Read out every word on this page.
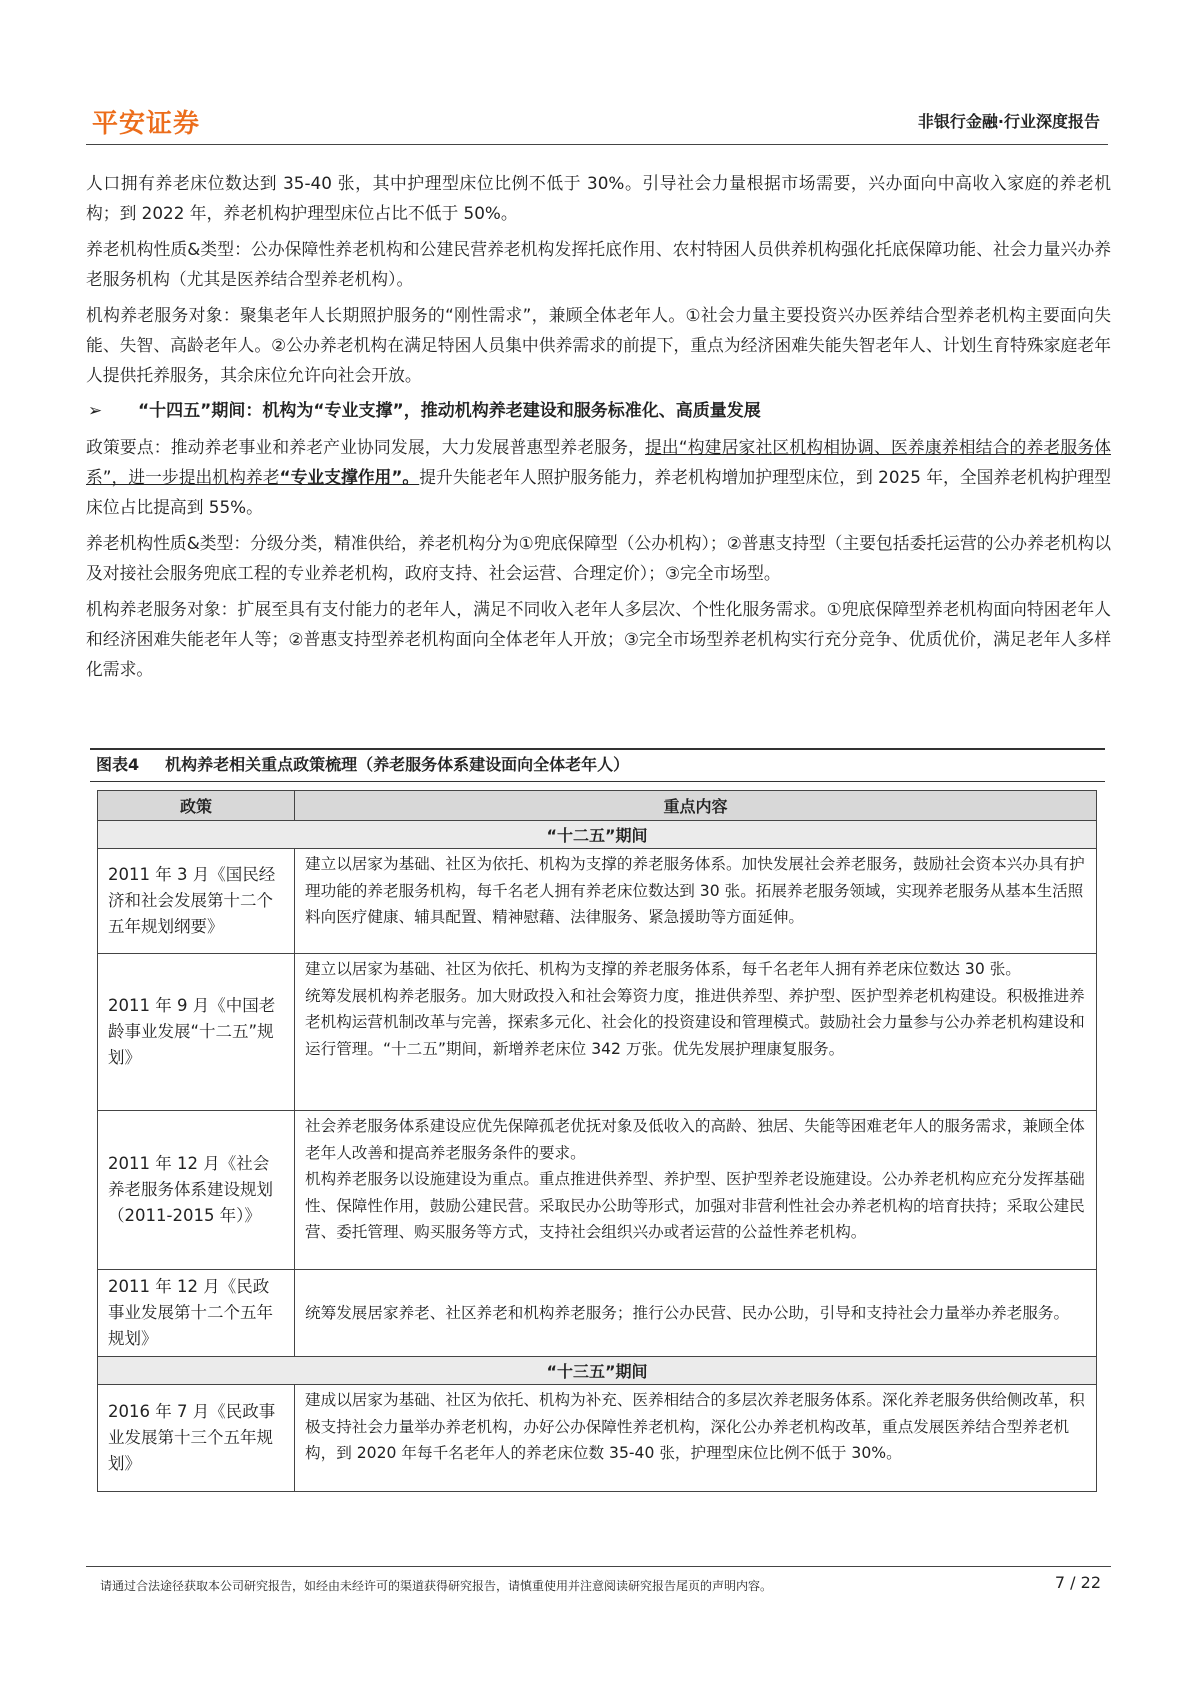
平安证券	非银行金融·行业深度报告

人口拥有养老床位数达到 35-40 张，其中护理型床位比例不低于 30%。引导社会力量根据市场需要，兴办面向中高收入家庭的养老机构；到 2022 年，养老机构护理型床位占比不低于 50%。

养老机构性质&类型：公办保障性养老机构和公建民营养老机构发挥托底作用、农村特困人员供养机构强化托底保障功能、社会力量兴办养老服务机构（尤其是医养结合型养老机构）。

机构养老服务对象：聚集老年人长期照护服务的“刚性需求”，兼顾全体老年人。①社会力量主要投资兴办医养结合型养老机构主要面向失能、失智、高龄老年人。②公办养老机构在满足特困人员集中供养需求的前提下，重点为经济困难失能失智老年人、计划生育特殊家庭老年人提供托养服务，其余床位允许向社会开放。

➢	“十四五”期间：机构为“专业支撑”，推动机构养老建设和服务标准化、高质量发展

政策要点：推动养老事业和养老产业协同发展，大力发展普惠型养老服务，提出“构建居家社区机构相协调、医养康养相结合的养老服务体系”，进一步提出机构养老“专业支撑作用”。提升失能老年人照护服务能力，养老机构增加护理型床位，到 2025 年，全国养老机构护理型床位占比提高到 55%。

养老机构性质&类型：分级分类，精准供给，养老机构分为①兜底保障型（公办机构）；②普惠支持型（主要包括委托运营的公办养老机构以及对接社会服务兜底工程的专业养老机构，政府支持、社会运营、合理定价）；③完全市场型。

机构养老服务对象：扩展至具有支付能力的老年人，满足不同收入老年人多层次、个性化服务需求。①兜底保障型养老机构面向特困老年人和经济困难失能老年人等；②普惠支持型养老机构面向全体老年人开放；③完全市场型养老机构实行充分竞争、优质优价，满足老年人多样化需求。

图表4 机构养老相关重点政策梳理（养老服务体系建设面向全体老年人）
政策	重点内容
“十二五”期间	
2011 年 3 月《国民经济和社会发展第十二个五年规划纲要》	建立以居家为基础、社区为依托、机构为支撑的养老服务体系。加快发展社会养老服务，鼓励社会资本兴办具有护理功能的养老服务机构，每千名老人拥有养老床位数达到 30 张。拓展养老服务领域，实现养老服务从基本生活照料向医疗健康、辅具配置、精神慰藉、法律服务、紧急援助等方面延伸。
2011 年 9 月《中国老龄事业发展“十二五”规划》	建立以居家为基础、社区为依托、机构为支撑的养老服务体系，每千名老年人拥有养老床位数达 30 张。
统筹发展机构养老服务。加大财政投入和社会筹资力度，推进供养型、养护型、医护型养老机构建设。积极推进养老机构运营机制改革与完善，探索多元化、社会化的投资建设和管理模式。鼓励社会力量参与公办养老机构建设和运行管理。“十二五”期间，新增养老床位 342 万张。优先发展护理康复服务。

2011 年 12 月《社会养老服务体系建设规划（2011-2015 年）》	社会养老服务体系建设应优先保障孤老优抚对象及低收入的高龄、独居、失能等困难老年人的服务需求，兼顾全体老年人改善和提高养老服务条件的要求。
机构养老服务以设施建设为重点。重点推进供养型、养护型、医护型养老设施建设。公办养老机构应充分发挥基础性、保障性作用，鼓励公建民营。采取民办公助等形式，加强对非营利性社会办养老机构的培育扶持；采取公建民营、委托管理、购买服务等方式，支持社会组织兴办或者运营的公益性养老机构。

2011 年 12 月《民政事业发展第十二个五年规划》	统筹发展居家养老、社区养老和机构养老服务；推行公办民营、民办公助，引导和支持社会力量举办养老服务。
“十三五”期间	
2016 年 7 月《民政事业发展第十三个五年规划》	建成以居家为基础、社区为依托、机构为补充、医养相结合的多层次养老服务体系。深化养老服务供给侧改革，积极支持社会力量举办养老机构，办好公办保障性养老机构，深化公办养老机构改革，重点发展医养结合型养老机构，到 2020 年每千名老年人的养老床位数 35-40 张，护理型床位比例不低于 30%。
请通过合法途径获取本公司研究报告，如经由未经许可的渠道获得研究报告，请慎重使用并注意阅读研究报告尾页的声明内容。	7 / 22
